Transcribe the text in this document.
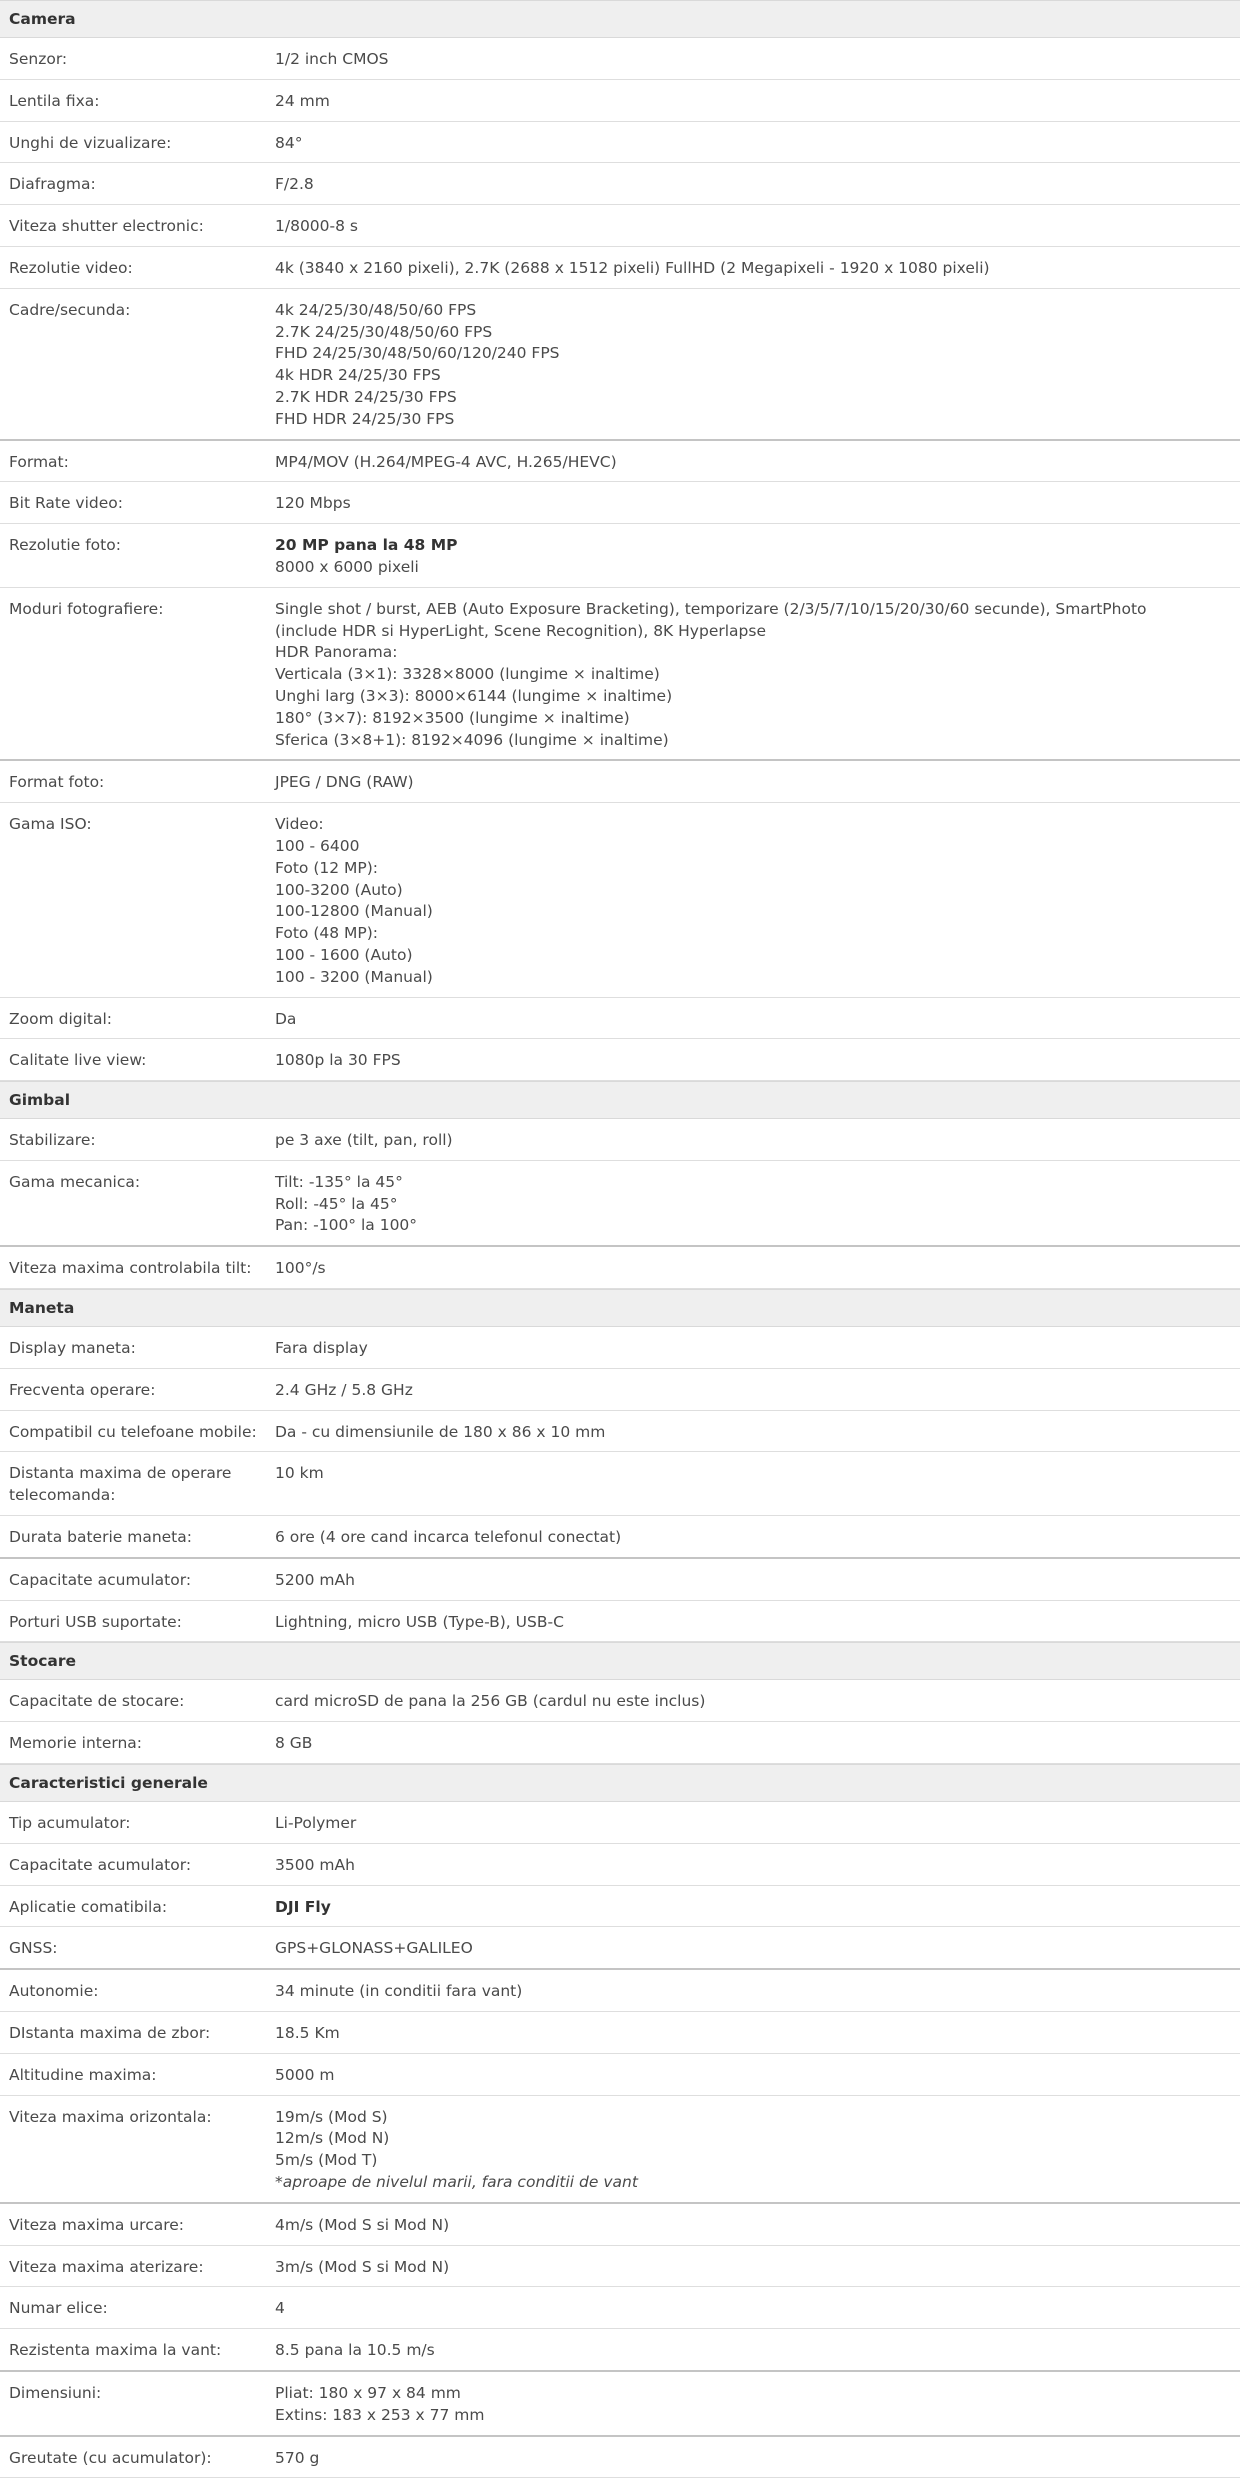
Camera
Senzor:	1/2 inch CMOS
Lentila fixa:	24 mm
Unghi de vizualizare:	84°
Diafragma:	F/2.8
Viteza shutter electronic:	1/8000-8 s
Rezolutie video:	4k (3840 x 2160 pixeli), 2.7K (2688 x 1512 pixeli) FullHD (2 Megapixeli - 1920 x 1080 pixeli)
Cadre/secunda:	4k 24/25/30/48/50/60 FPS
2.7K 24/25/30/48/50/60 FPS
FHD 24/25/30/48/50/60/120/240 FPS
4k HDR 24/25/30 FPS
2.7K HDR 24/25/30 FPS
FHD HDR 24/25/30 FPS
Format:	MP4/MOV (H.264/MPEG-4 AVC, H.265/HEVC)
Bit Rate video:	120 Mbps
Rezolutie foto:	20 MP pana la 48 MP
8000 x 6000 pixeli
Moduri fotografiere:	Single shot / burst, AEB (Auto Exposure Bracketing), temporizare (2/3/5/7/10/15/20/30/60 secunde), SmartPhoto (include HDR si HyperLight, Scene Recognition), 8K Hyperlapse
HDR Panorama:
Verticala (3×1): 3328×8000 (lungime × inaltime)
Unghi larg (3×3): 8000×6144 (lungime × inaltime)
180° (3×7): 8192×3500 (lungime × inaltime)
Sferica (3×8+1): 8192×4096 (lungime × inaltime)
Format foto:	JPEG / DNG (RAW)
Gama ISO:	Video:
100 - 6400
Foto (12 MP):
100-3200 (Auto)
100-12800 (Manual)
Foto (48 MP):
100 - 1600 (Auto)
100 - 3200 (Manual)
Zoom digital:	Da
Calitate live view:	1080p la 30 FPS
Gimbal
Stabilizare:	pe 3 axe (tilt, pan, roll)
Gama mecanica:	Tilt: -135° la 45°
Roll: -45° la 45°
Pan: -100° la 100°
Viteza maxima controlabila tilt:	100°/s
Maneta
Display maneta:	Fara display
Frecventa operare:	2.4 GHz / 5.8 GHz
Compatibil cu telefoane mobile:	Da - cu dimensiunile de 180 x 86 x 10 mm
Distanta maxima de operare telecomanda:
10 km
Durata baterie maneta:	6 ore (4 ore cand incarca telefonul conectat)
Capacitate acumulator:	5200 mAh
Porturi USB suportate:	Lightning, micro USB (Type-B), USB-C
Stocare
Capacitate de stocare:	card microSD de pana la 256 GB (cardul nu este inclus)
Memorie interna:	8 GB
Caracteristici generale
Tip acumulator:	Li-Polymer
Capacitate acumulator:	3500 mAh
Aplicatie comatibila:	DJI Fly
GNSS:	GPS+GLONASS+GALILEO
Autonomie:	34 minute (in conditii fara vant)
DIstanta maxima de zbor:	18.5 Km
Altitudine maxima:	5000 m
Viteza maxima orizontala:	19m/s (Mod S)
12m/s (Mod N)
5m/s (Mod T)
*aproape de nivelul marii, fara conditii de vant
Viteza maxima urcare:	4m/s (Mod S si Mod N)
Viteza maxima aterizare:	3m/s (Mod S si Mod N)
Numar elice:	4
Rezistenta maxima la vant:	8.5 pana la 10.5 m/s
Dimensiuni:	Pliat: 180 x 97 x 84 mm
Extins: 183 x 253 x 77 mm
Greutate (cu acumulator):	570 g
